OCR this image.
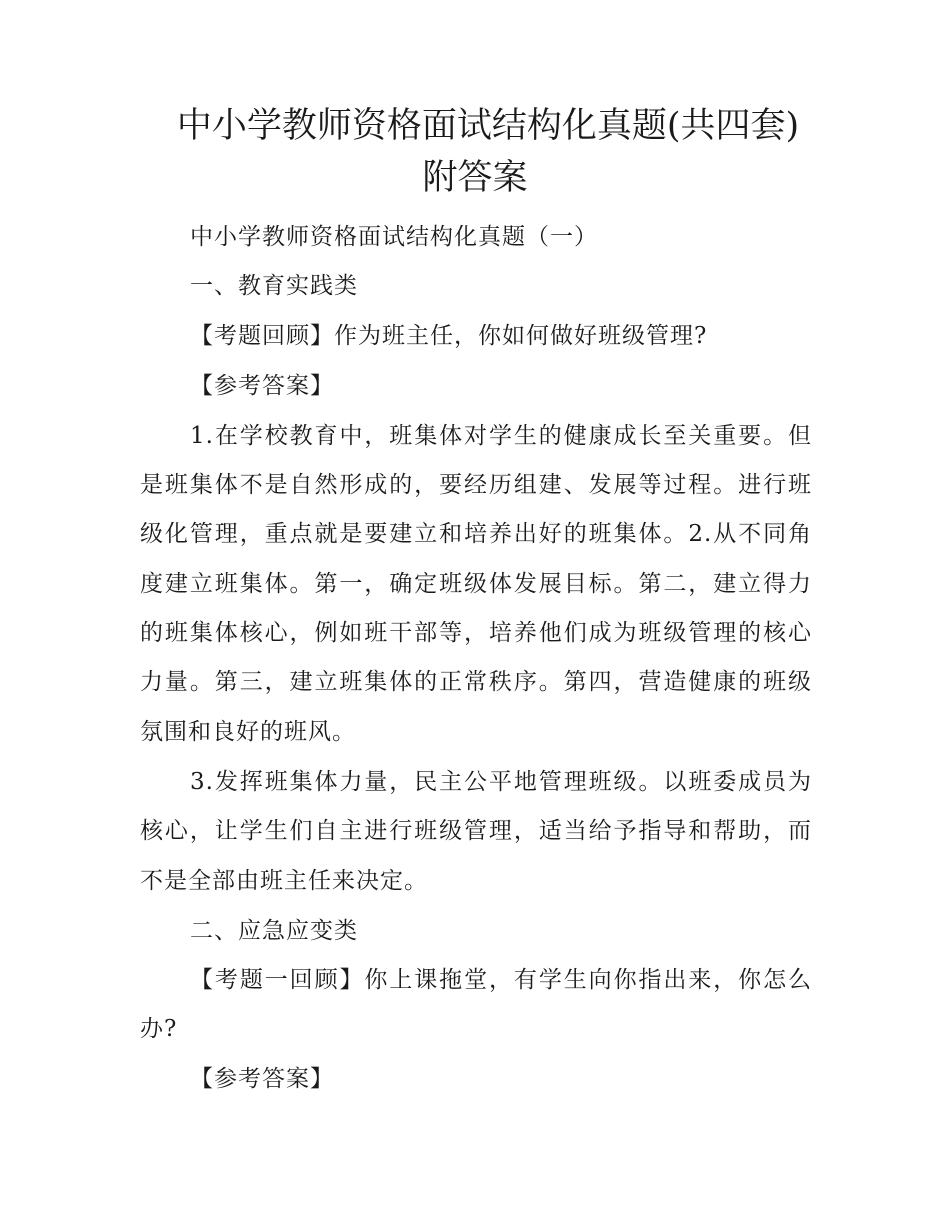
中小学教师资格面试结构化真题(共四套)
附答案
中小学教师资格面试结构化真题（一）
一、教育实践类
【考题回顾】作为班主任，你如何做好班级管理?
【参考答案】
1.在学校教育中，班集体对学生的健康成长至关重要。但
是班集体不是自然形成的，要经历组建、发展等过程。进行班
级化管理，重点就是要建立和培养出好的班集体。2.从不同角
度建立班集体。第一，确定班级体发展目标。第二，建立得力
的班集体核心，例如班干部等，培养他们成为班级管理的核心
力量。第三，建立班集体的正常秩序。第四，营造健康的班级
氛围和良好的班风。
3.发挥班集体力量，民主公平地管理班级。以班委成员为
核心，让学生们自主进行班级管理，适当给予指导和帮助，而
不是全部由班主任来决定。
二、应急应变类
【考题一回顾】你上课拖堂，有学生向你指出来，你怎么
办?
【参考答案】
